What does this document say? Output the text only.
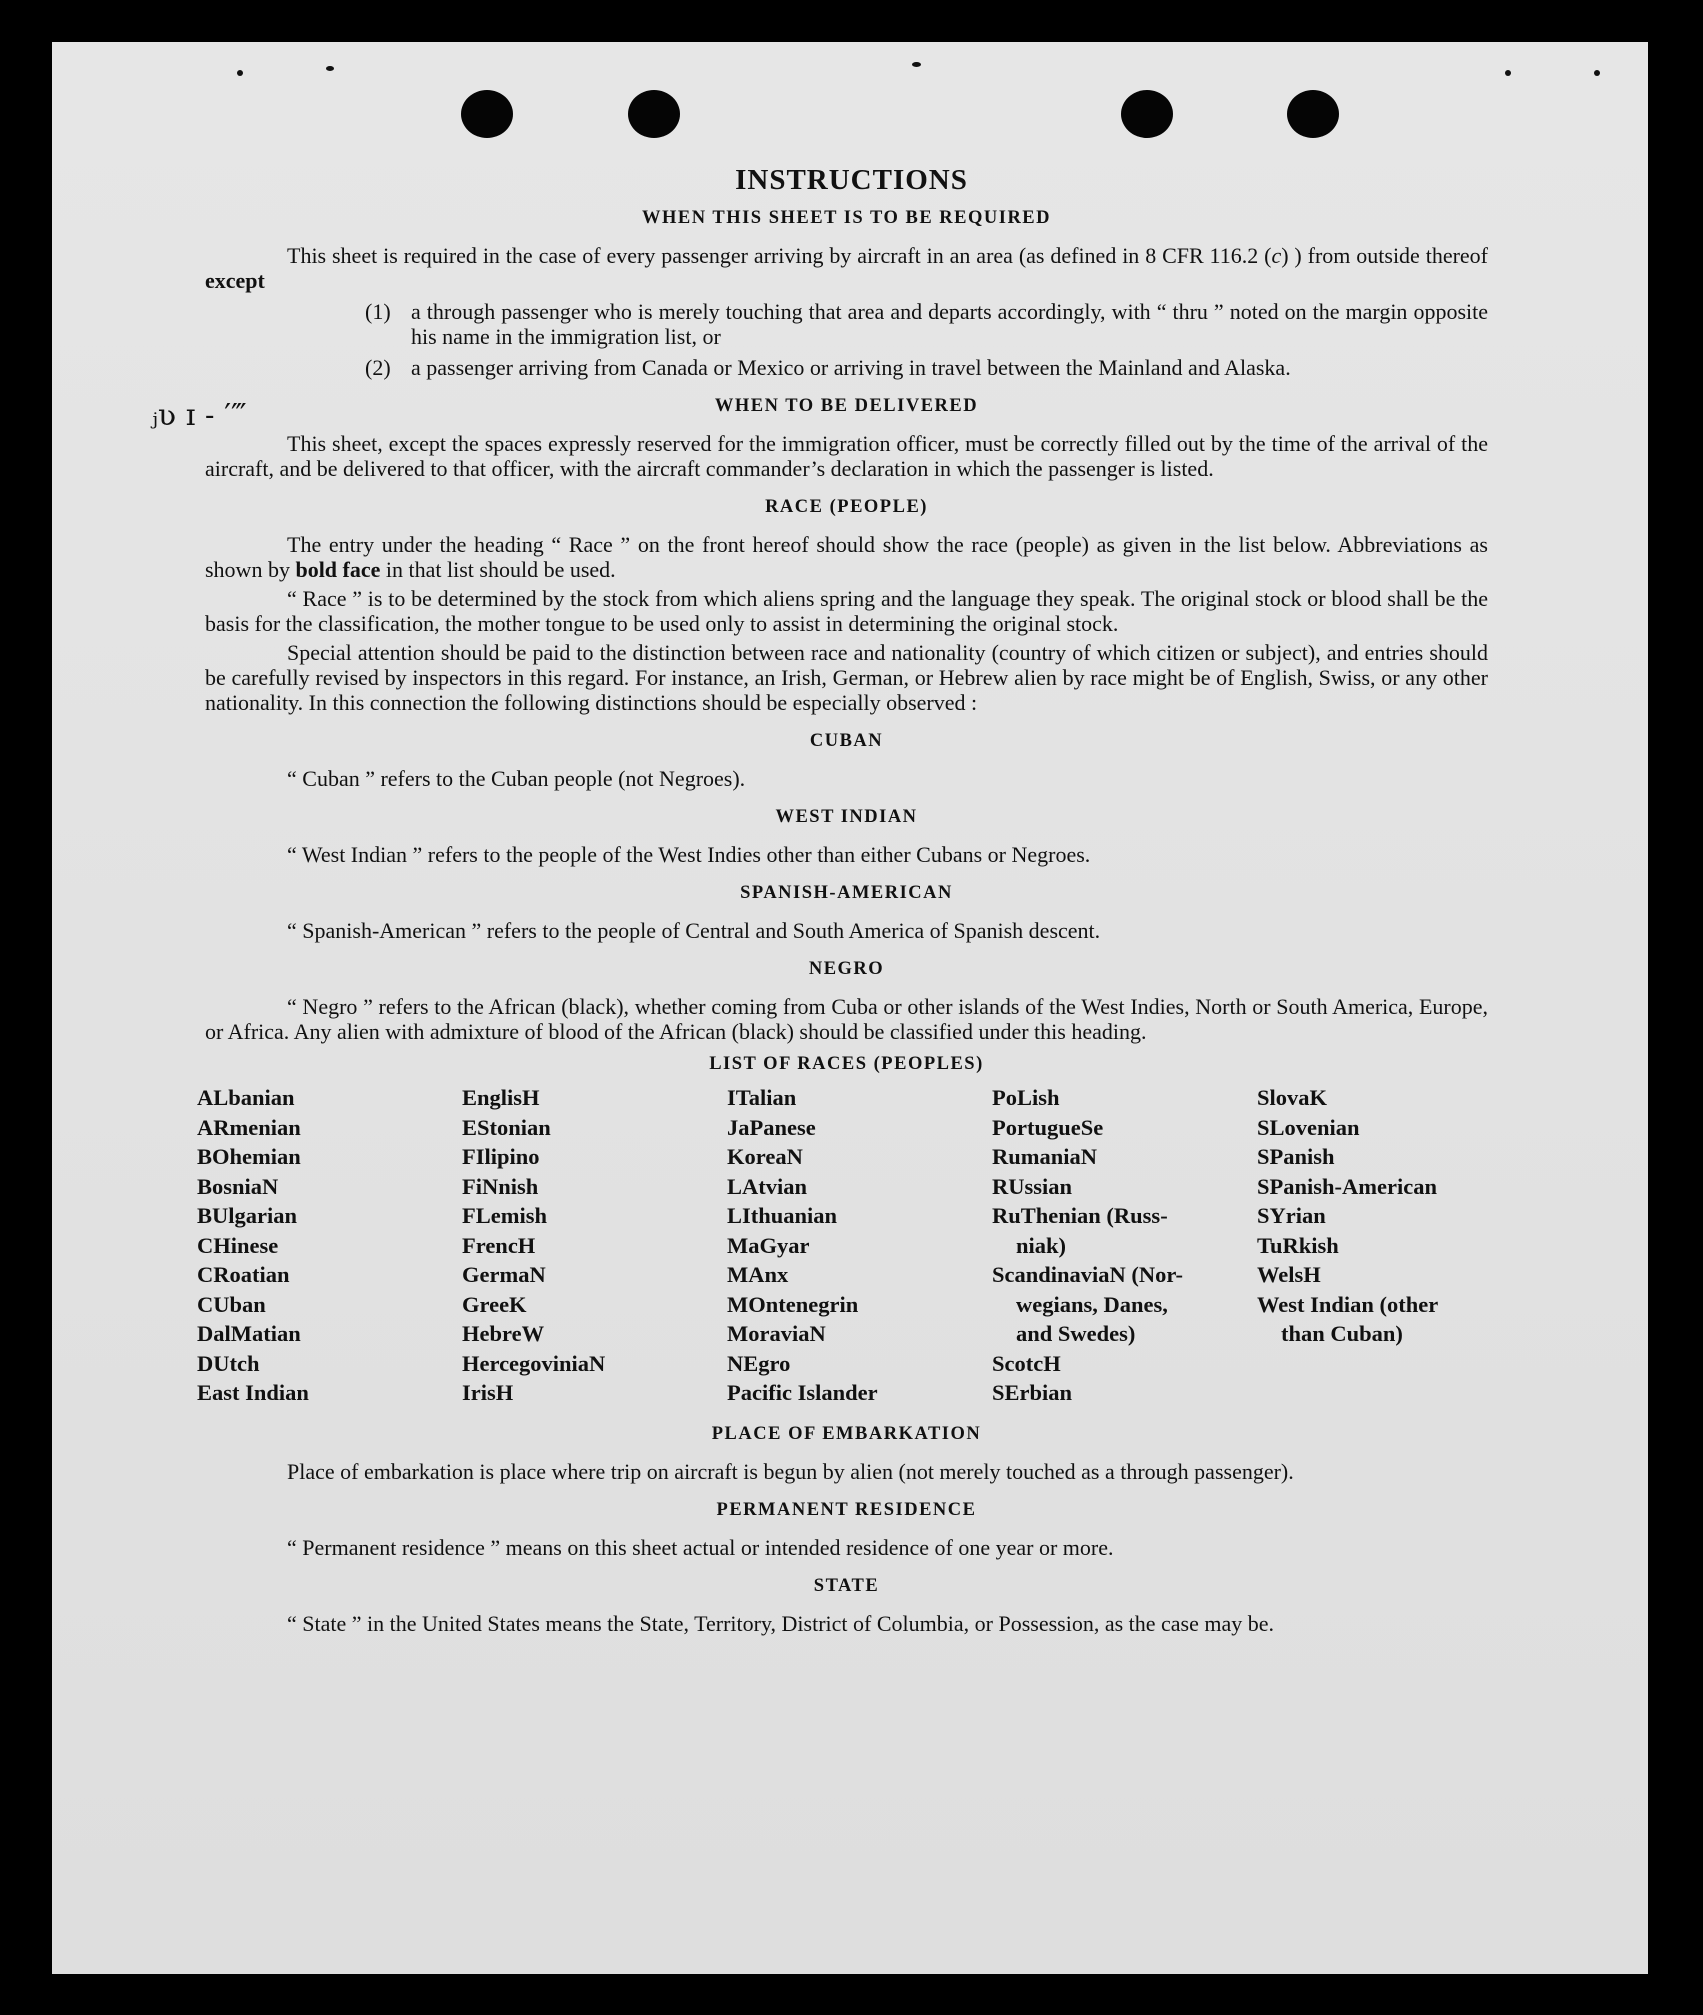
ⱼʋ ɪ ˗ ′‴
INSTRUCTIONS
WHEN THIS SHEET IS TO BE REQUIRED

This sheet is required in the case of every passenger arriving by aircraft in an area (as defined in 8 CFR 116.2 (c) ) from outside thereof except

(1) a through passenger who is merely touching that area and departs accordingly, with “ thru ” noted on the margin opposite his name in the immigration list, or
(2) a passenger arriving from Canada or Mexico or arriving in travel between the Mainland and Alaska.
WHEN TO BE DELIVERED

This sheet, except the spaces expressly reserved for the immigration officer, must be correctly filled out by the time of the arrival of the aircraft, and be delivered to that officer, with the aircraft commander’s declaration in which the passenger is listed.

RACE (PEOPLE)

The entry under the heading “ Race ” on the front hereof should show the race (people) as given in the list below. Abbreviations as shown by bold face in that list should be used.

“ Race ” is to be determined by the stock from which aliens spring and the language they speak. The original stock or blood shall be the basis for the classification, the mother tongue to be used only to assist in determining the original stock.

Special attention should be paid to the distinction between race and nationality (country of which citizen or subject), and entries should be carefully revised by inspectors in this regard. For instance, an Irish, German, or Hebrew alien by race might be of English, Swiss, or any other nationality. In this connection the following distinctions should be especially observed :

CUBAN

“ Cuban ” refers to the Cuban people (not Negroes).

WEST INDIAN

“ West Indian ” refers to the people of the West Indies other than either Cubans or Negroes.

SPANISH-AMERICAN

“ Spanish-American ” refers to the people of Central and South America of Spanish descent.

NEGRO

“ Negro ” refers to the African (black), whether coming from Cuba or other islands of the West Indies, North or South America, Europe, or Africa. Any alien with admixture of blood of the African (black) should be classified under this heading.

LIST OF RACES (PEOPLES)
ALbanian
ARmenian
BOhemian
BosniaN
BUlgarian
CHinese
CRoatian
CUban
DalMatian
DUtch
East Indian
EnglisH
EStonian
FIlipino
FiNnish
FLemish
FrencH
GermaN
GreeK
HebreW
HercegoviniaN
IrisH
ITalian
JaPanese
KoreaN
LAtvian
LIthuanian
MaGyar
MAnx
MOntenegrin
MoraviaN
NEgro
Pacific Islander
PoLish
PortugueSe
RumaniaN
RUssian
RuThenian (Russ-
niak)
ScandinaviaN (Nor-
wegians, Danes,
and Swedes)
ScotcH
SErbian
SlovaK
SLovenian
SPanish
SPanish-American
SYrian
TuRkish
WelsH
West Indian (other
than Cuban)
PLACE OF EMBARKATION

Place of embarkation is place where trip on aircraft is begun by alien (not merely touched as a through passenger).

PERMANENT RESIDENCE

“ Permanent residence ” means on this sheet actual or intended residence of one year or more.

STATE

“ State ” in the United States means the State, Territory, District of Columbia, or Possession, as the case may be.
